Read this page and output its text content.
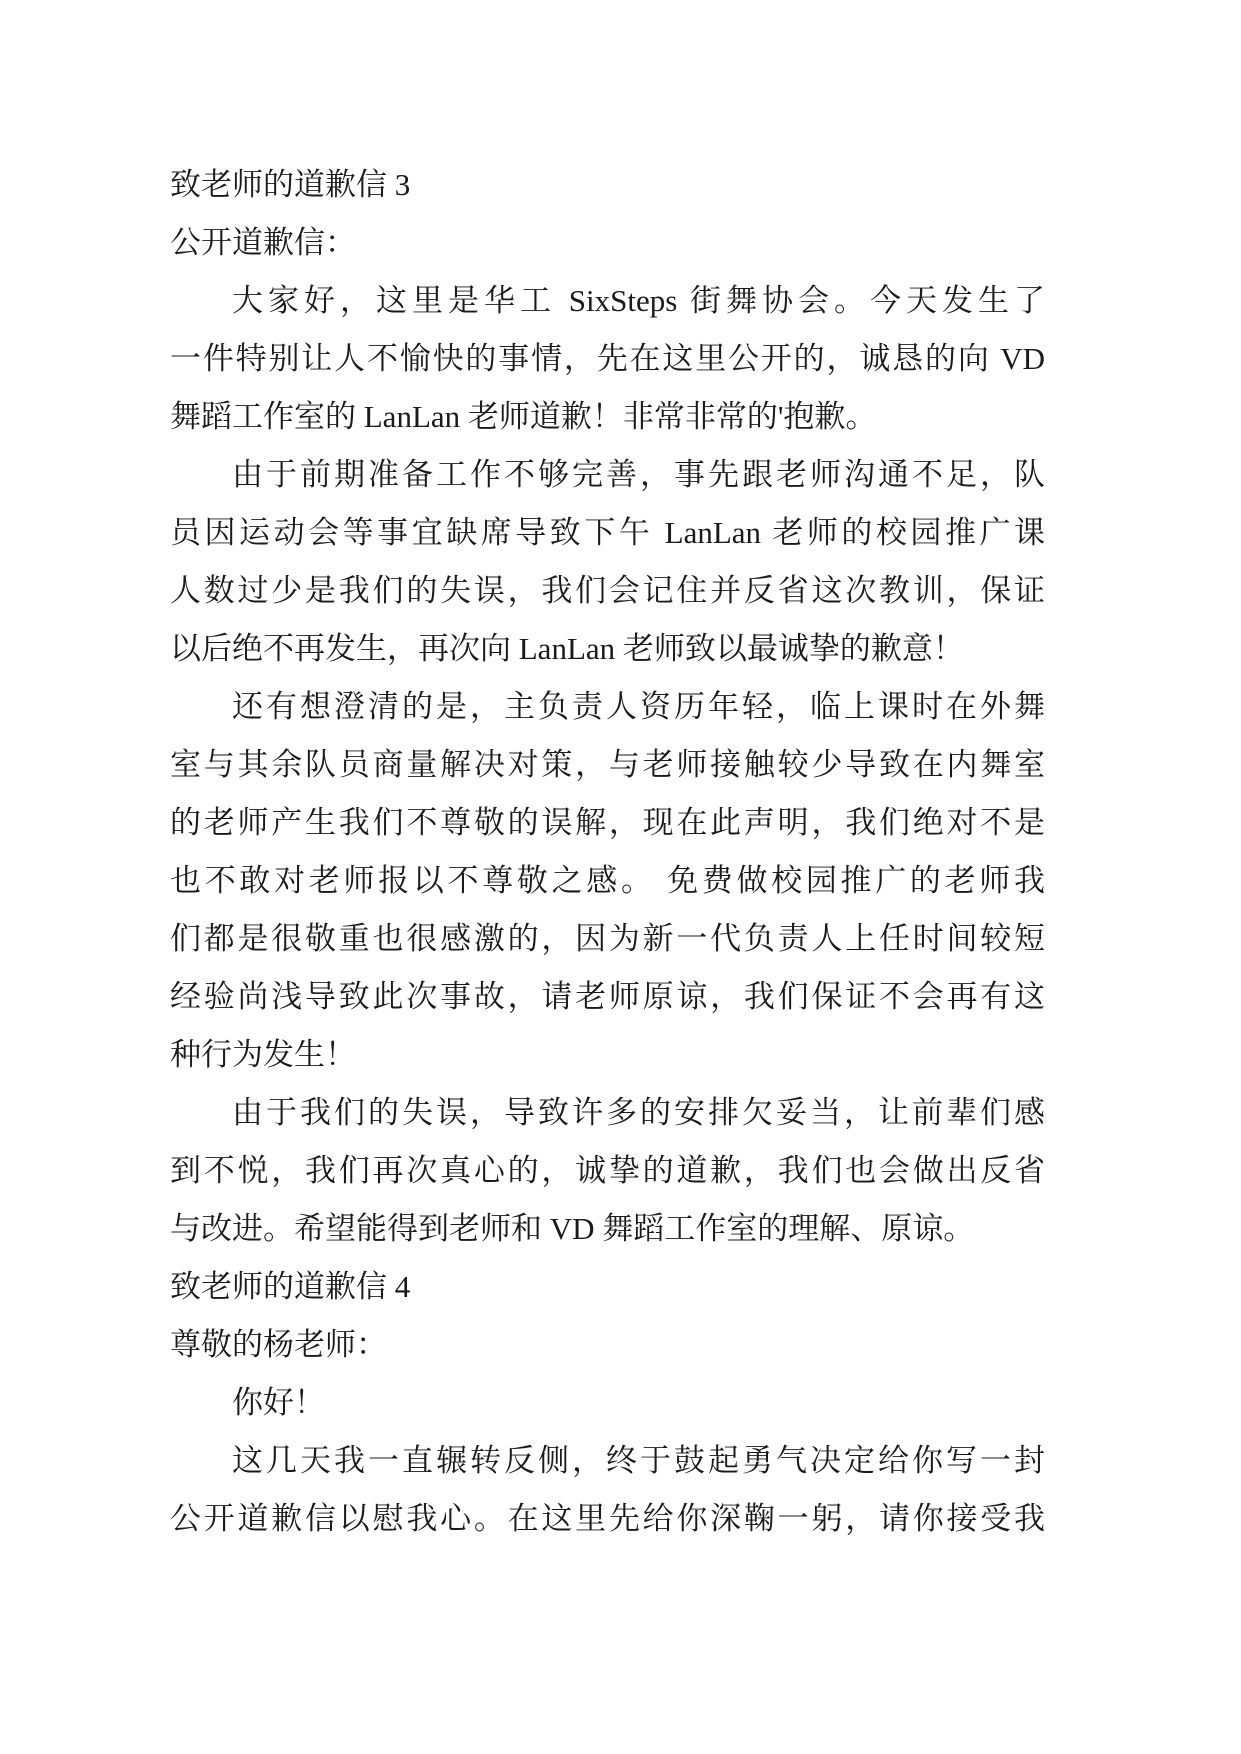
致老师的道歉信 3
公开道歉信：
大家好，这里是华工 SixSteps 街舞协会。今天发生了
一件特别让人不愉快的事情，先在这里公开的，诚恳的向 VD
舞蹈工作室的 LanLan 老师道歉！非常非常的'抱歉。
由于前期准备工作不够完善，事先跟老师沟通不足，队
员因运动会等事宜缺席导致下午 LanLan 老师的校园推广课
人数过少是我们的失误，我们会记住并反省这次教训，保证
以后绝不再发生，再次向 LanLan 老师致以最诚挚的歉意！
还有想澄清的是，主负责人资历年轻，临上课时在外舞
室与其余队员商量解决对策，与老师接触较少导致在内舞室
的老师产生我们不尊敬的误解，现在此声明，我们绝对不是
也不敢对老师报以不尊敬之感。 免费做校园推广的老师我
们都是很敬重也很感激的，因为新一代负责人上任时间较短
经验尚浅导致此次事故，请老师原谅，我们保证不会再有这
种行为发生！
由于我们的失误，导致许多的安排欠妥当，让前辈们感
到不悦，我们再次真心的，诚挚的道歉，我们也会做出反省
与改进。希望能得到老师和 VD 舞蹈工作室的理解、原谅。
致老师的道歉信 4
尊敬的杨老师：
你好！
这几天我一直辗转反侧，终于鼓起勇气决定给你写一封
公开道歉信以慰我心。在这里先给你深鞠一躬，请你接受我
